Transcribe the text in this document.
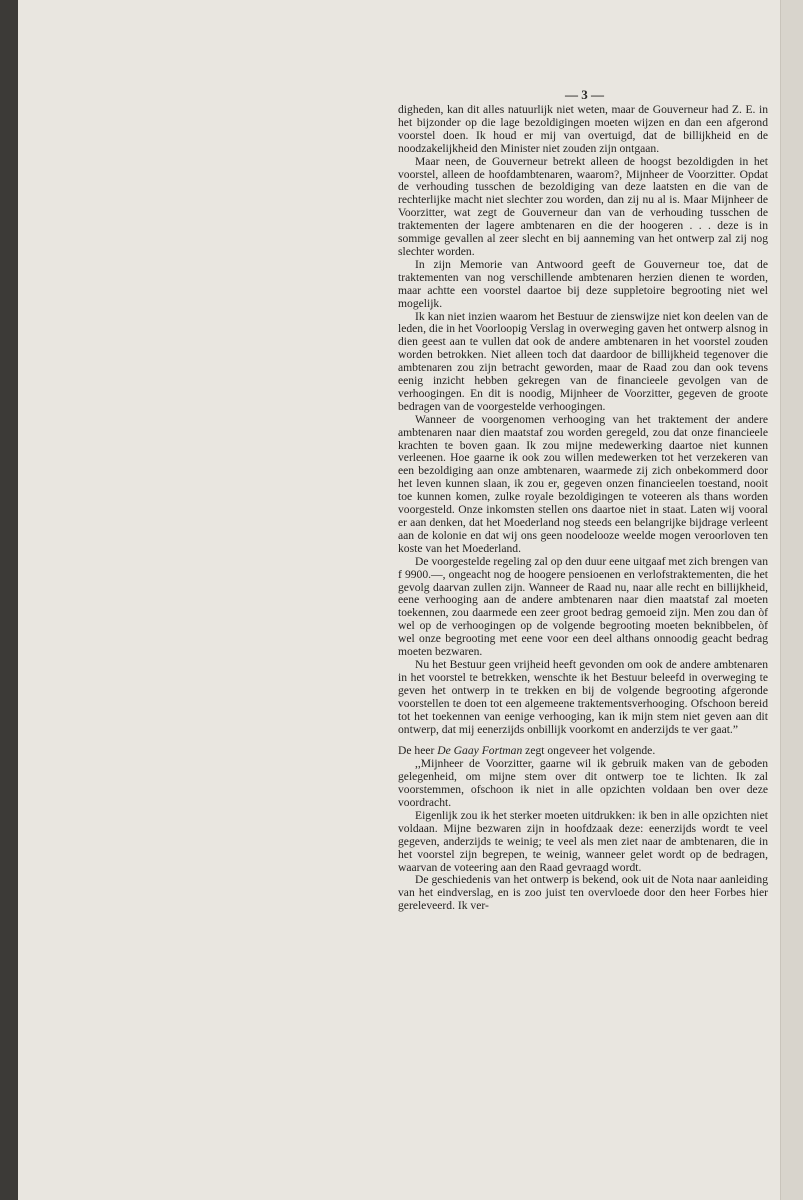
— 3 —

digheden, kan dit alles natuurlijk niet weten, maar de Gouverneur had Z. E. in het bijzonder op die lage bezoldigingen moeten wijzen en dan een afgerond voorstel doen. Ik houd er mij van overtuigd, dat de billijkheid en de noodzakelijkheid den Minister niet zouden zijn ontgaan.

Maar neen, de Gouverneur betrekt alleen de hoogst bezoldigden in het voorstel, alleen de hoofdambtenaren, waarom?, Mijnheer de Voorzitter. Opdat de verhouding tusschen de bezoldiging van deze laatsten en die van de rechterlijke macht niet slechter zou worden, dan zij nu al is. Maar Mijnheer de Voorzitter, wat zegt de Gouverneur dan van de verhouding tusschen de traktementen der lagere ambtenaren en die der hoogeren . . . deze is in sommige gevallen al zeer slecht en bij aanneming van het ontwerp zal zij nog slechter worden.

In zijn Memorie van Antwoord geeft de Gouverneur toe, dat de traktementen van nog verschillende ambtenaren herzien dienen te worden, maar achtte een voorstel daartoe bij deze suppletoire begrooting niet wel mogelijk.

Ik kan niet inzien waarom het Bestuur de zienswijze niet kon deelen van de leden, die in het Voorloopig Verslag in overweging gaven het ontwerp alsnog in dien geest aan te vullen dat ook de andere ambtenaren in het voorstel zouden worden betrokken. Niet alleen toch dat daardoor de billijkheid tegenover die ambtenaren zou zijn betracht geworden, maar de Raad zou dan ook tevens eenig inzicht hebben gekregen van de financieele gevolgen van de verhoogingen. En dit is noodig, Mijnheer de Voorzitter, gegeven de groote bedragen van de voorgestelde verhoogingen.

Wanneer de voorgenomen verhooging van het traktement der andere ambtenaren naar dien maatstaf zou worden geregeld, zou dat onze financieele krachten te boven gaan. Ik zou mijne medewerking daartoe niet kunnen verleenen. Hoe gaarne ik ook zou willen medewerken tot het verzekeren van een bezoldiging aan onze ambtenaren, waarmede zij zich onbekommerd door het leven kunnen slaan, ik zou er, gegeven onzen financieelen toestand, nooit toe kunnen komen, zulke royale bezoldigingen te voteeren als thans worden voorgesteld. Onze inkomsten stellen ons daartoe niet in staat. Laten wij vooral er aan denken, dat het Moederland nog steeds een belangrijke bijdrage verleent aan de kolonie en dat wij ons geen noodelooze weelde mogen veroorloven ten koste van het Moederland.

De voorgestelde regeling zal op den duur eene uitgaaf met zich brengen van f 9900.—, ongeacht nog de hoogere pensioenen en verlofstraktementen, die het gevolg daarvan zullen zijn. Wanneer de Raad nu, naar alle recht en billijkheid, eene verhooging aan de andere ambtenaren naar dien maatstaf zal moeten toekennen, zou daarmede een zeer groot bedrag gemoeid zijn. Men zou dan òf wel op de verhoogingen op de volgende begrooting moeten beknibbelen, òf wel onze begrooting met eene voor een deel althans onnoodig geacht bedrag moeten bezwaren.

Nu het Bestuur geen vrijheid heeft gevonden om ook de andere ambtenaren in het voorstel te betrekken, wenschte ik het Bestuur beleefd in overweging te geven het ontwerp in te trekken en bij de volgende begrooting afgeronde voorstellen te doen tot een algemeene traktementsverhooging. Ofschoon bereid tot het toekennen van eenige verhooging, kan ik mijn stem niet geven aan dit ontwerp, dat mij eenerzijds onbillijk voorkomt en anderzijds te ver gaat.”

De heer De Gaay Fortman zegt ongeveer het volgende.

,,Mijnheer de Voorzitter, gaarne wil ik gebruik maken van de geboden gelegenheid, om mijne stem over dit ontwerp toe te lichten. Ik zal voorstemmen, ofschoon ik niet in alle opzichten voldaan ben over deze voordracht.

Eigenlijk zou ik het sterker moeten uitdrukken: ik ben in alle opzichten niet voldaan. Mijne bezwaren zijn in hoofdzaak deze: eenerzijds wordt te veel gegeven, anderzijds te weinig; te veel als men ziet naar de ambtenaren, die in het voorstel zijn begrepen, te weinig, wanneer gelet wordt op de bedragen, waarvan de voteering aan den Raad gevraagd wordt.

De geschiedenis van het ontwerp is bekend, ook uit de Nota naar aanleiding van het eindverslag, en is zoo juist ten overvloede door den heer Forbes hier gereleveerd. Ik ver-
